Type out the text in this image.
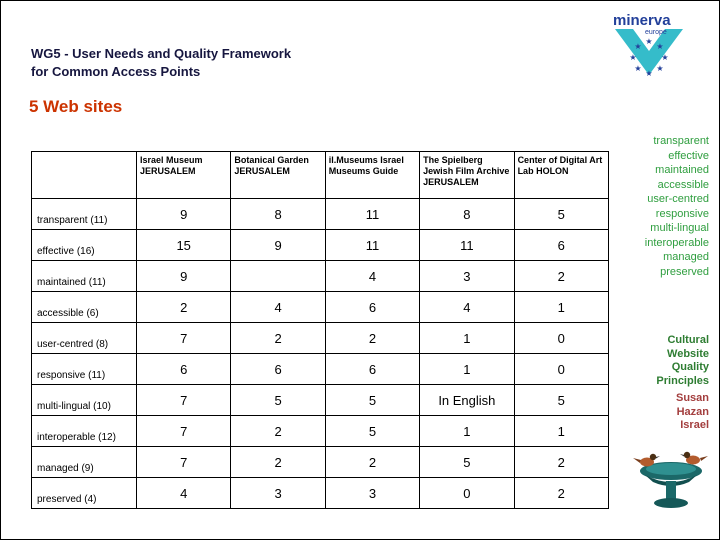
WG5 - User Needs and Quality Framework
for Common Access Points
5 Web sites
minerva
europe
★
★
★
★
★
★
★
★
	Israel Museum JERUSALEM	Botanical Garden JERUSALEM	il.Museums Israel Museums Guide	The Spielberg Jewish Film Archive JERUSALEM	Center of Digital Art Lab HOLON
transparent (11)	9	8	11	8	5
effective (16)	15	9	11	11	6
maintained (11)	9		4	3	2
accessible (6)	2	4	6	4	1
user-centred (8)	7	2	2	1	0
responsive (11)	6	6	6	1	0
multi-lingual (10)	7	5	5	In English	5
interoperable (12)	7	2	5	1	1
managed (9)	7	2	2	5	2
preserved (4)	4	3	3	0	2
transparent
effective
maintained
accessible
user-centred
responsive
multi-lingual
interoperable
managed
preserved
Cultural
Website
Quality
Principles
Susan
Hazan
Israel
